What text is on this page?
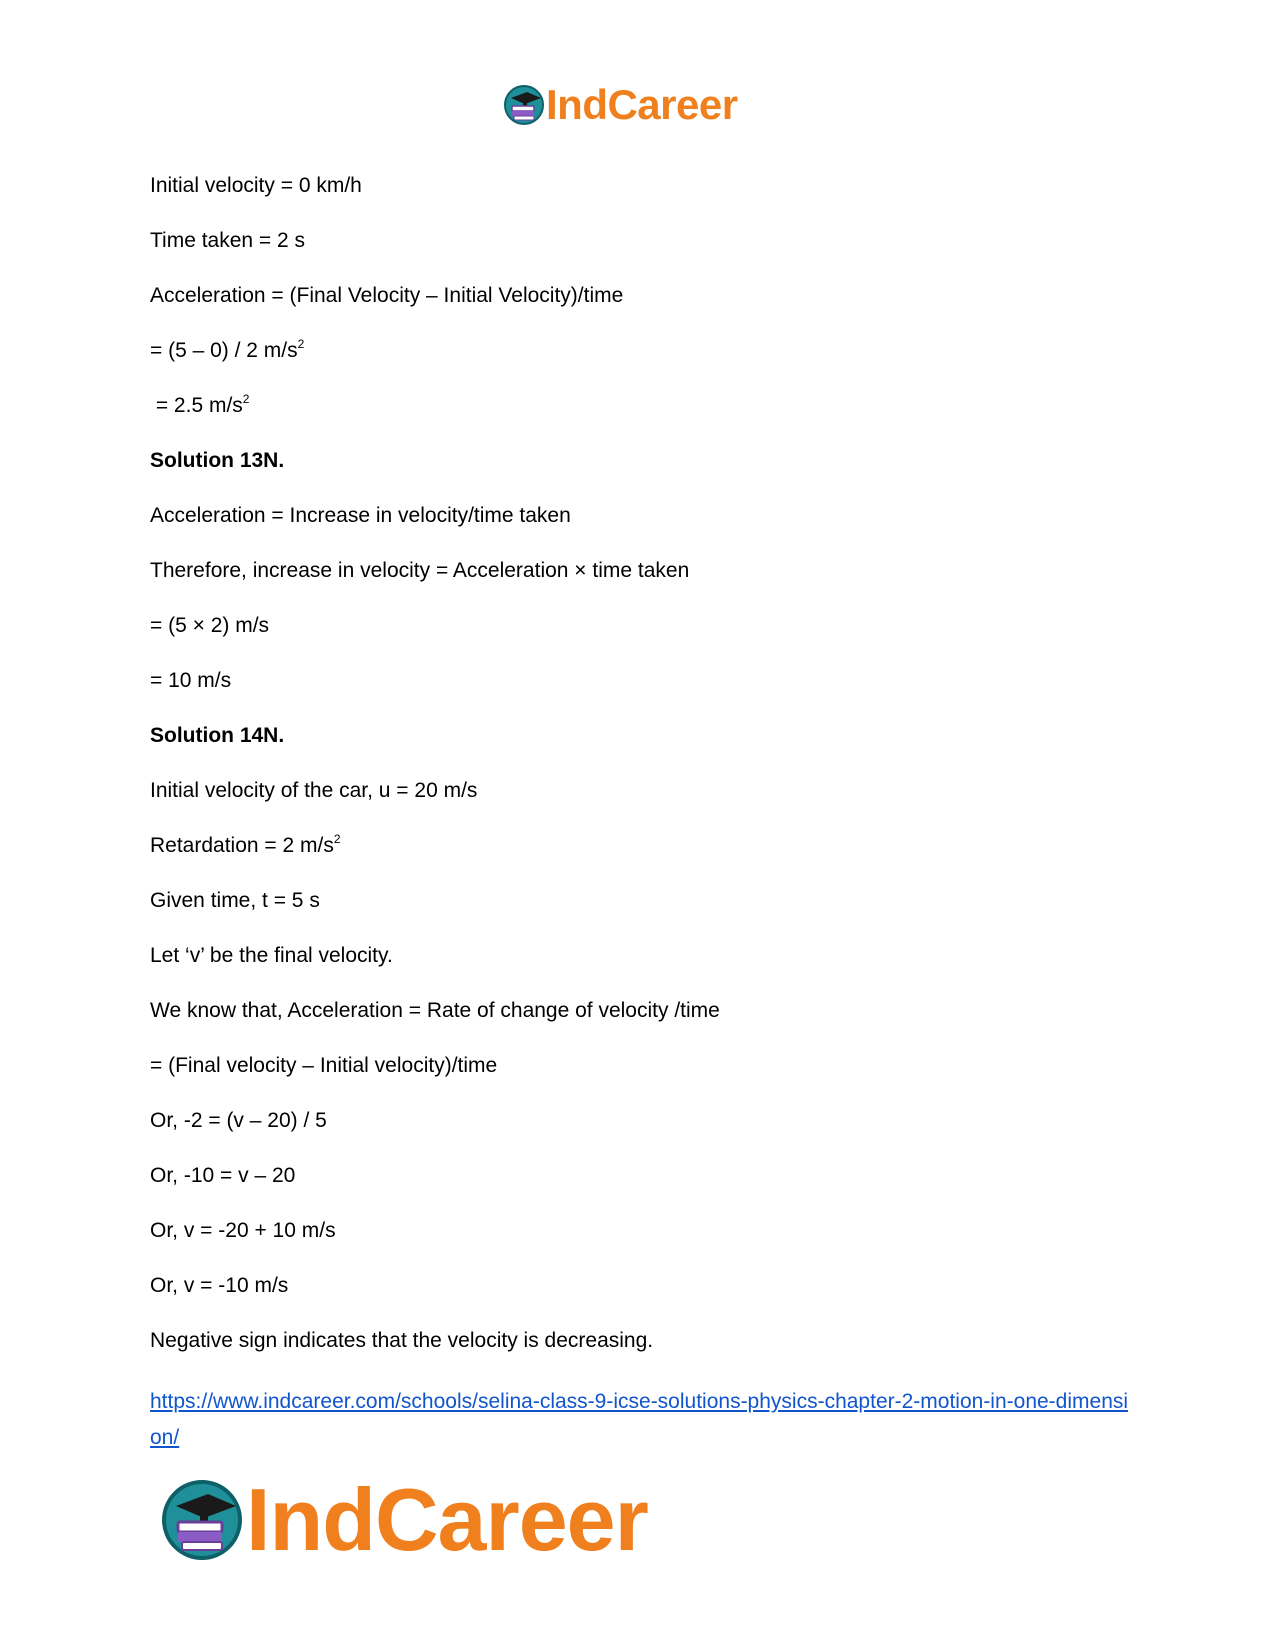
IndCareer
Initial velocity = 0 km/h
Time taken = 2 s
Acceleration = (Final Velocity – Initial Velocity)/time
= (5 – 0) / 2 $m/s^2$
= 2.5 $m/s^2$
Solution 13N.
Acceleration = Increase in velocity/time taken
Therefore, increase in velocity = Acceleration × time taken
= (5 × 2) m/s
= 10 m/s
Solution 14N.
Initial velocity of the car, u = 20 m/s
Retardation = 2 $m/s^2$
Given time, t = 5 s
Let ‘v’ be the final velocity.
We know that, Acceleration = Rate of change of velocity /time
= (Final velocity – Initial velocity)/time
Or, -2 = (v – 20) / 5
Or, -10 = v – 20
Or, v = -20 + 10 m/s
Or, v = -10 m/s
Negative sign indicates that the velocity is decreasing.
https://www.indcareer.com/schools/selina-class-9-icse-solutions-physics-chapter-2-motion-in-one-dimension/
IndCareer
